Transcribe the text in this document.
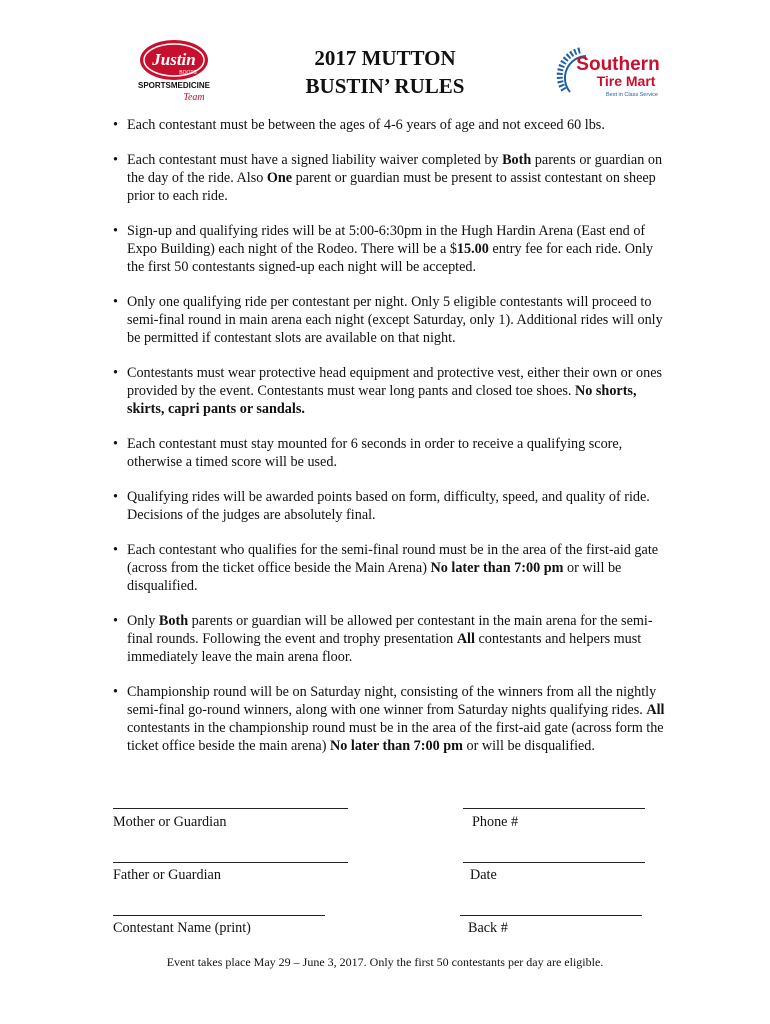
Justin
BOOTS
SPORTSMEDICINE
Team
2017 MUTTON
BUSTIN’ RULES
Southern
Tire Mart
Best in Class Service
• Each contestant must be between the ages of 4-6 years of age and not exceed 60 lbs.
• Each contestant must have a signed liability waiver completed by Both parents or guardian on the day of the ride. Also One parent or guardian must be present to assist contestant on sheep prior to each ride.
• Sign-up and qualifying rides will be at 5:00-6:30pm in the Hugh Hardin Arena (East end of Expo Building) each night of the Rodeo. There will be a $15.00 entry fee for each ride. Only the first 50 contestants signed-up each night will be accepted.
• Only one qualifying ride per contestant per night. Only 5 eligible contestants will proceed to semi-final round in main arena each night (except Saturday, only 1). Additional rides will only be permitted if contestant slots are available on that night.
• Contestants must wear protective head equipment and protective vest, either their own or ones provided by the event. Contestants must wear long pants and closed toe shoes. No shorts, skirts, capri pants or sandals.
• Each contestant must stay mounted for 6 seconds in order to receive a qualifying score, otherwise a timed score will be used.
• Qualifying rides will be awarded points based on form, difficulty, speed, and quality of ride. Decisions of the judges are absolutely final.
• Each contestant who qualifies for the semi-final round must be in the area of the first-aid gate (across from the ticket office beside the Main Arena) No later than 7:00 pm or will be disqualified.
• Only Both parents or guardian will be allowed per contestant in the main arena for the semi-final rounds. Following the event and trophy presentation All contestants and helpers must immediately leave the main arena floor.
• Championship round will be on Saturday night, consisting of the winners from all the nightly semi-final go-round winners, along with one winner from Saturday nights qualifying rides. All contestants in the championship round must be in the area of the first-aid gate (across form the ticket office beside the main arena) No later than 7:00 pm or will be disqualified.
Mother or Guardian	Phone #
Father or Guardian	Date
Contestant Name (print)	Back #
Event takes place May 29 – June 3, 2017. Only the first 50 contestants per day are eligible.
